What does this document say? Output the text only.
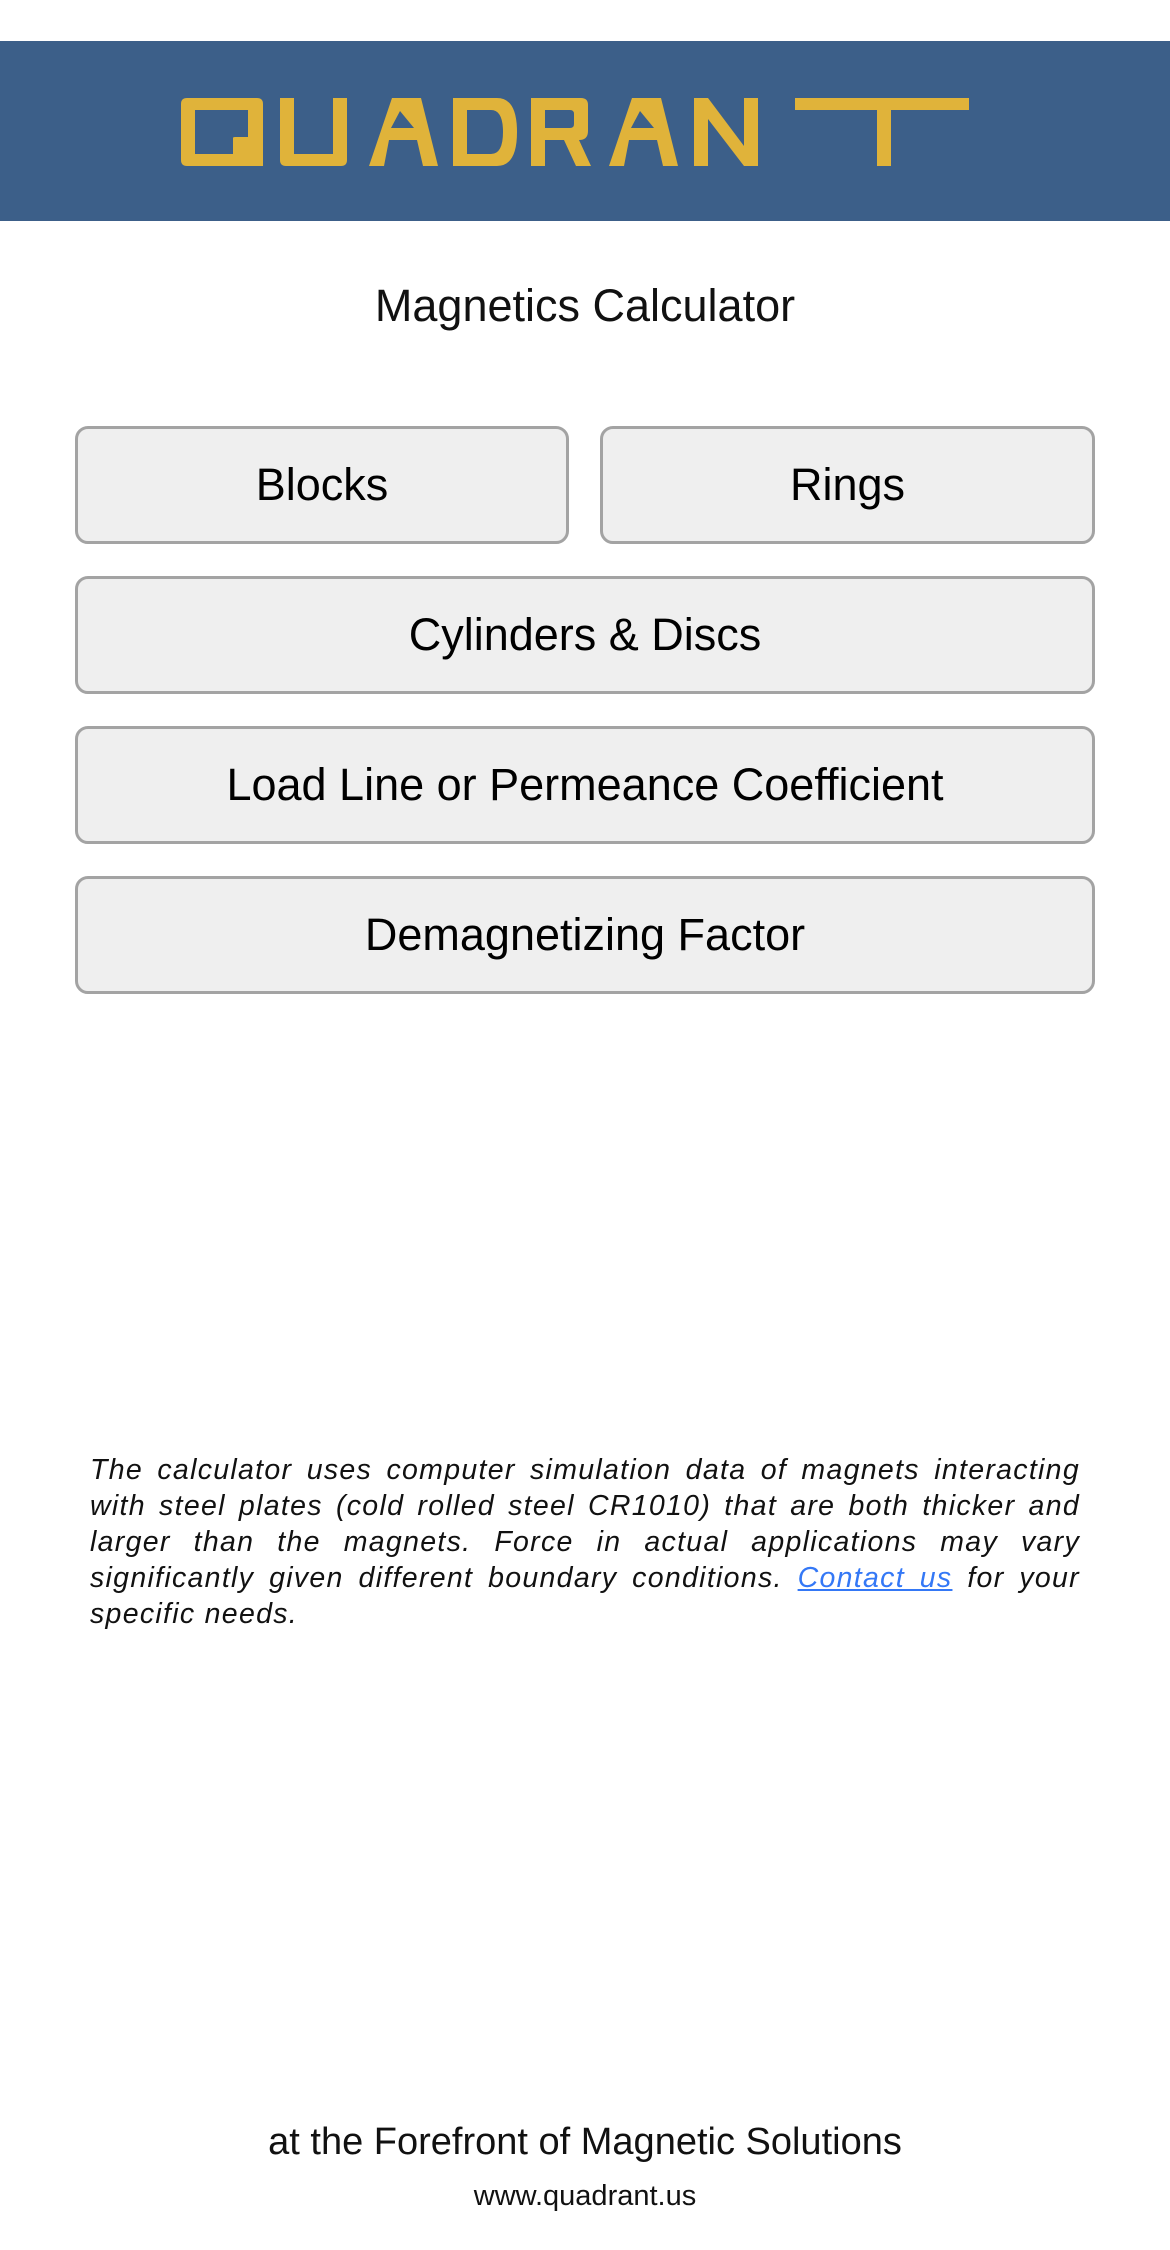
Magnetics Calculator
Blocks	Rings
Cylinders & Discs
Load Line or Permeance Coefficient
Demagnetizing Factor

The calculator uses computer simulation data of magnets interacting with steel plates (cold rolled steel CR1010) that are both thicker and larger than the magnets. Force in actual applications may vary significantly given different boundary conditions. Contact us for your specific needs.

at the Forefront of Magnetic Solutions
www.quadrant.us
